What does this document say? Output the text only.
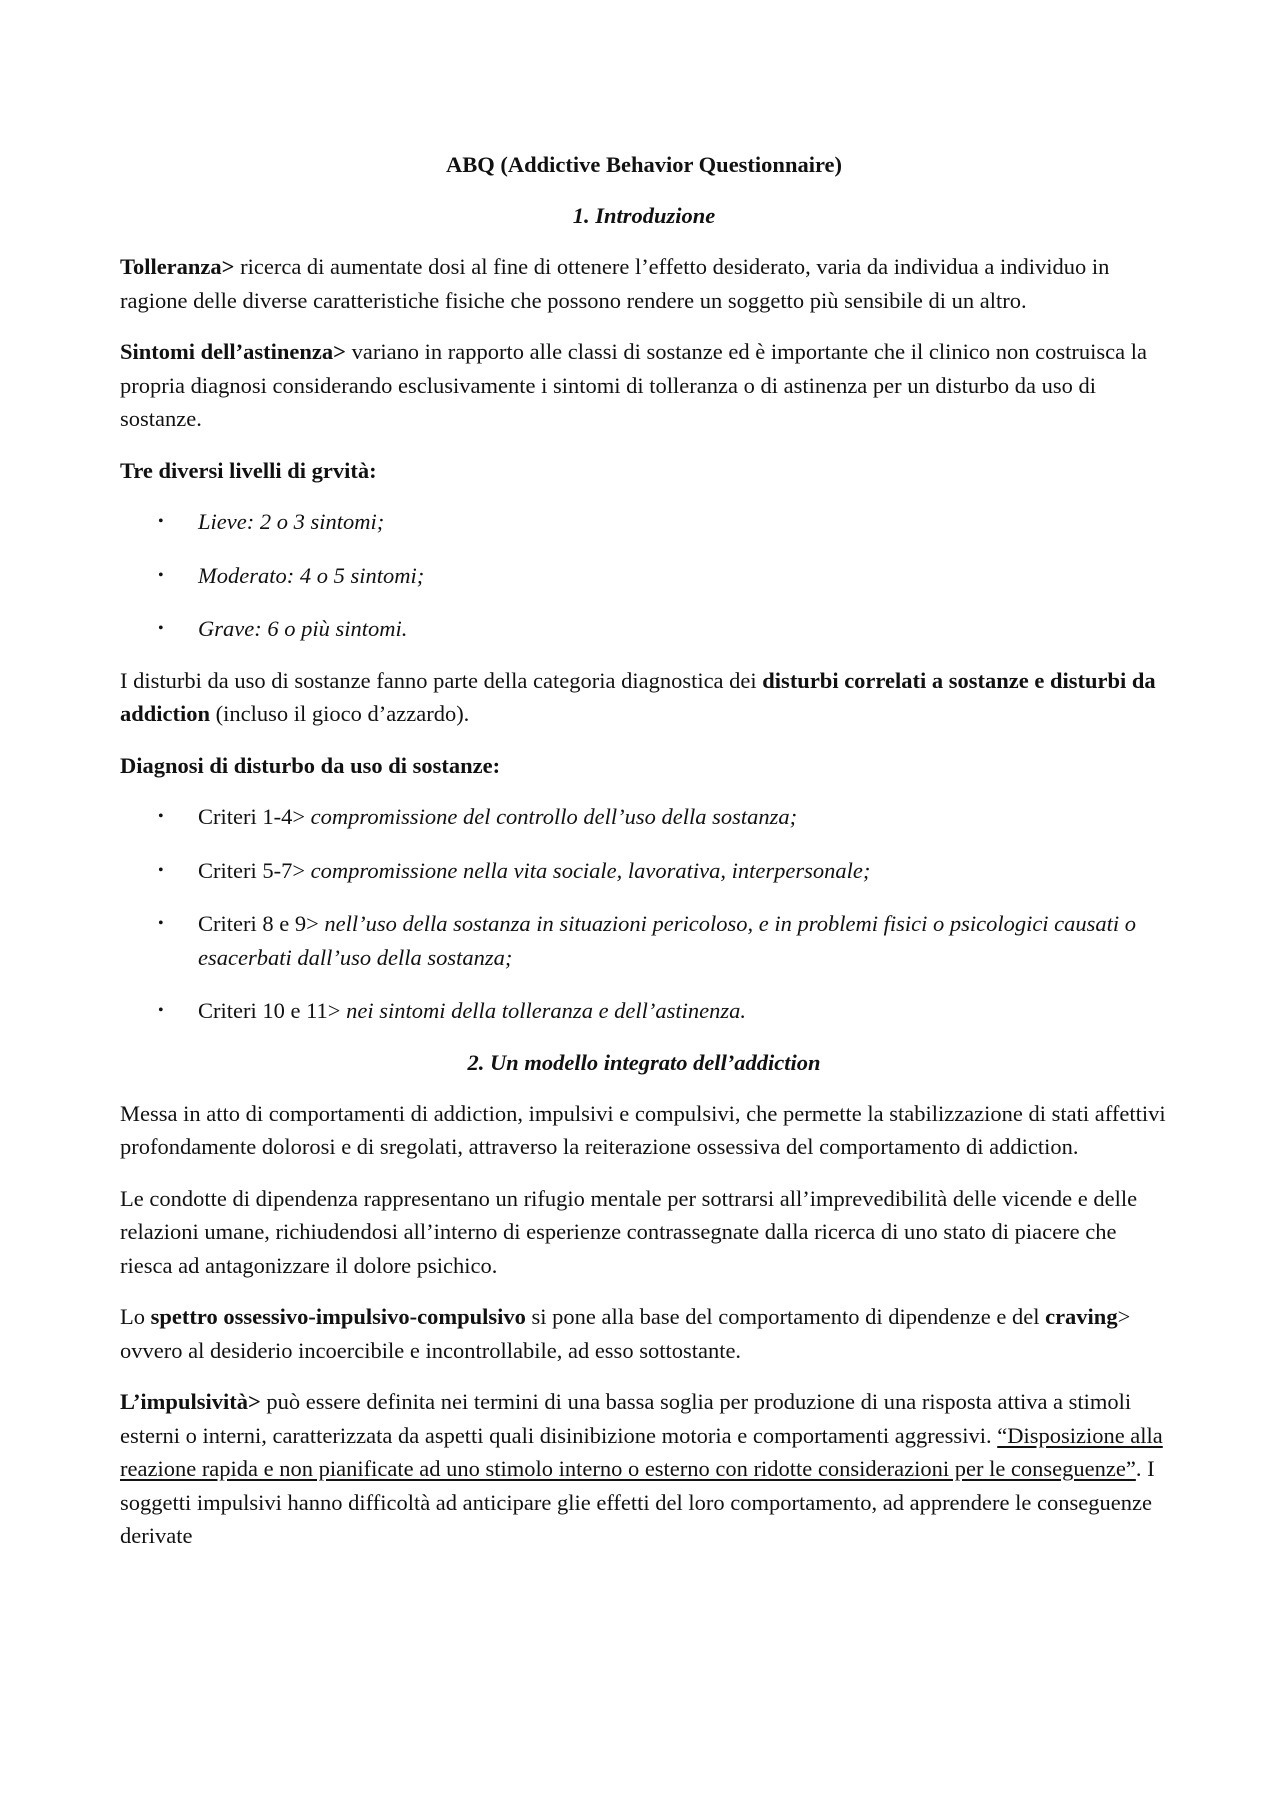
ABQ (Addictive Behavior Questionnaire)
1. Introduzione

Tolleranza> ricerca di aumentate dosi al fine di ottenere l’effetto desiderato, varia da individua a individuo in ragione delle diverse caratteristiche fisiche che possono rendere un soggetto più sensibile di un altro.

Sintomi dell’astinenza> variano in rapporto alle classi di sostanze ed è importante che il clinico non costruisca la propria diagnosi considerando esclusivamente i sintomi di tolleranza o di astinenza per un disturbo da uso di sostanze.

Tre diversi livelli di grvità:

• Lieve: 2 o 3 sintomi;
• Moderato: 4 o 5 sintomi;
• Grave: 6 o più sintomi.

I disturbi da uso di sostanze fanno parte della categoria diagnostica dei disturbi correlati a sostanze e disturbi da addiction (incluso il gioco d’azzardo).

Diagnosi di disturbo da uso di sostanze:

• Criteri 1-4> compromissione del controllo dell’uso della sostanza;
• Criteri 5-7> compromissione nella vita sociale, lavorativa, interpersonale;
• Criteri 8 e 9> nell’uso della sostanza in situazioni pericoloso, e in problemi fisici o psicologici causati o esacerbati dall’uso della sostanza;
• Criteri 10 e 11> nei sintomi della tolleranza e dell’astinenza.
2. Un modello integrato dell’addiction

Messa in atto di comportamenti di addiction, impulsivi e compulsivi, che permette la stabilizzazione di stati affettivi profondamente dolorosi e di sregolati, attraverso la reiterazione ossessiva del comportamento di addiction.

Le condotte di dipendenza rappresentano un rifugio mentale per sottrarsi all’imprevedibilità delle vicende e delle relazioni umane, richiudendosi all’interno di esperienze contrassegnate dalla ricerca di uno stato di piacere che riesca ad antagonizzare il dolore psichico.

Lo spettro ossessivo-impulsivo-compulsivo si pone alla base del comportamento di dipendenze e del craving> ovvero al desiderio incoercibile e incontrollabile, ad esso sottostante.

L’impulsività> può essere definita nei termini di una bassa soglia per produzione di una risposta attiva a stimoli esterni o interni, caratterizzata da aspetti quali disinibizione motoria e comportamenti aggressivi. “Disposizione alla reazione rapida e non pianificate ad uno stimolo interno o esterno con ridotte considerazioni per le conseguenze”. I soggetti impulsivi hanno difficoltà ad anticipare glie effetti del loro comportamento, ad apprendere le conseguenze derivate
